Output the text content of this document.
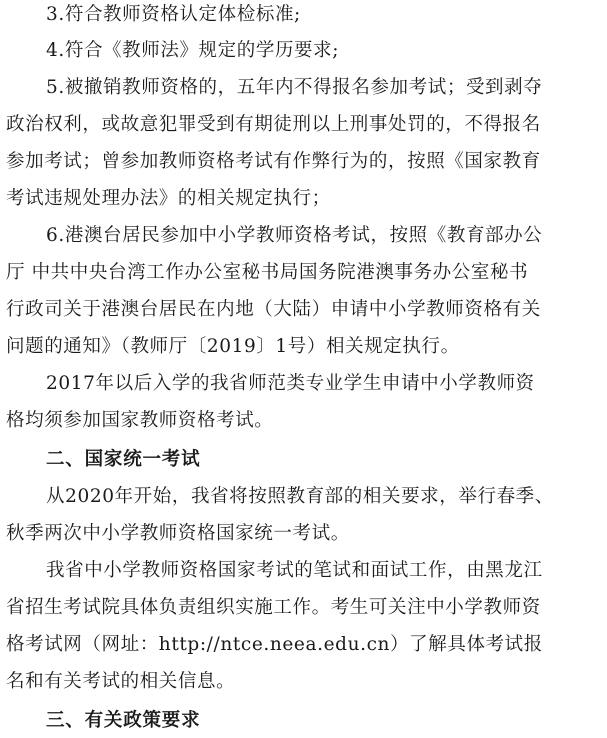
3.符合教师资格认定体检标准;
4.符合《教师法》规定的学历要求;
5.被撤销教师资格的，五年内不得报名参加考试；受到剥夺
政治权利，或故意犯罪受到有期徒刑以上刑事处罚的，不得报名
参加考试；曾参加教师资格考试有作弊行为的，按照《国家教育
考试违规处理办法》的相关规定执行；
6.港澳台居民参加中小学教师资格考试，按照《教育部办公
厅 中共中央台湾工作办公室秘书局国务院港澳事务办公室秘书
行政司关于港澳台居民在内地（大陆）申请中小学教师资格有关
问题的通知》（教师厅〔2019〕1号）相关规定执行。
2017年以后入学的我省师范类专业学生申请中小学教师资
格均须参加国家教师资格考试。
二、国家统一考试
从2020年开始，我省将按照教育部的相关要求，举行春季、
秋季两次中小学教师资格国家统一考试。
我省中小学教师资格国家考试的笔试和面试工作，由黑龙江
省招生考试院具体负责组织实施工作。考生可关注中小学教师资
格考试网（网址：http://ntce.neea.edu.cn）了解具体考试报
名和有关考试的相关信息。
三、有关政策要求
